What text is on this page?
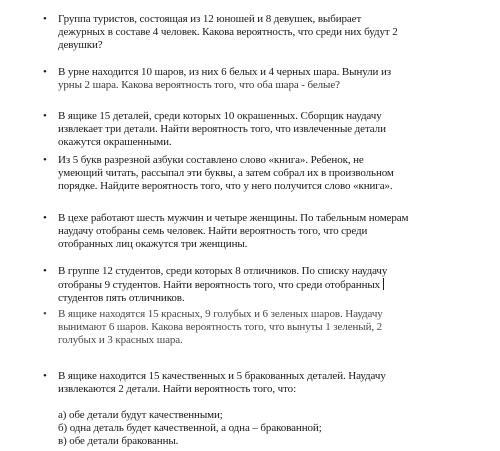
• Группа туристов, состоящая из 12 юношей и 8 девушек, выбирает
дежурных в составе 4 человек. Какова вероятность, что среди них будут 2
девушки?
• В урне находится 10 шаров, из них 6 белых и 4 черных шара. Вынули из
урны 2 шара. Какова вероятность того, что оба шара - белые?
• В ящике 15 деталей, среди которых 10 окрашенных. Сборщик наудачу
извлекает три детали. Найти вероятность того, что извлеченные детали
окажутся окрашенными.
• Из 5 букв разрезной азбуки составлено слово «книга». Ребенок, не
умеющий читать, рассыпал эти буквы, а затем собрал их в произвольном
порядке. Найдите вероятность того, что у него получится слово «книга».
• В цехе работают шесть мужчин и четыре женщины. По табельным номерам
наудачу отобраны семь человек. Найти вероятность того, что среди
отобранных лиц окажутся три женщины.
• В группе 12 студентов, среди которых 8 отличников. По списку наудачу
отобраны 9 студентов. Найти вероятность того, что среди отобранных
студентов пять отличников.
• В ящике находятся 15 красных, 9 голубых и 6 зеленых шаров. Наудачу
вынимают 6 шаров. Какова вероятность того, что вынуты 1 зеленый, 2
голубых и 3 красных шара.
• В ящике находится 15 качественных и 5 бракованных деталей. Наудачу
извлекаются 2 детали. Найти вероятность того, что:
а) обе детали будут качественными;
б) одна деталь будет качественной, а одна – бракованной;
в) обе детали бракованны.
